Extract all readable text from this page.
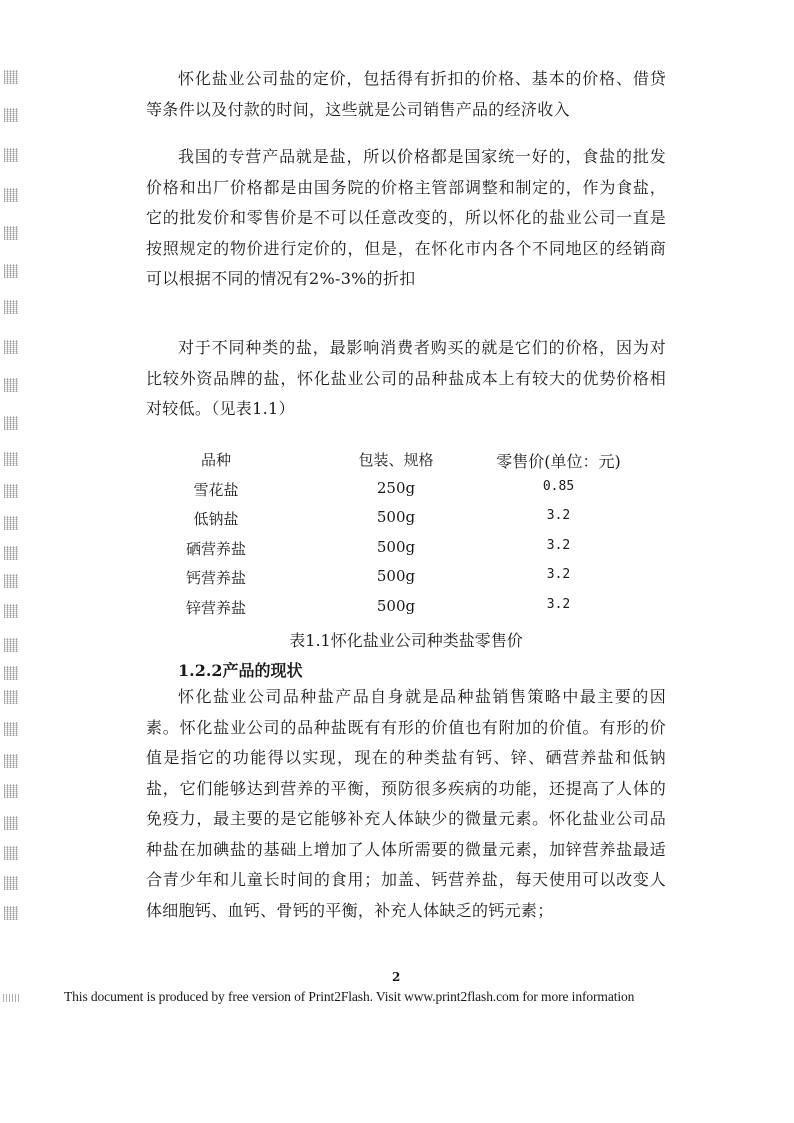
怀化盐业公司盐的定价，包括得有折扣的价格、基本的价格、借贷等条件以及付款的时间，这些就是公司销售产品的经济收入

我国的专营产品就是盐，所以价格都是国家统一好的，食盐的批发价格和出厂价格都是由国务院的价格主管部调整和制定的，作为食盐，它的批发价和零售价是不可以任意改变的，所以怀化的盐业公司一直是按照规定的物价进行定价的，但是，在怀化市内各个不同地区的经销商可以根据不同的情况有2%-3%的折扣

对于不同种类的盐，最影响消费者购买的就是它们的价格，因为对比较外资品牌的盐，怀化盐业公司的品种盐成本上有较大的优势价格相对较低。（见表1.1）

品种	包装、规格	零售价(单位：元)
雪花盐	250g	0.85
低钠盐	500g	3.2
硒营养盐	500g	3.2
钙营养盐	500g	3.2
锌营养盐	500g	3.2
表1.1怀化盐业公司种类盐零售价
1.2.2产品的现状

怀化盐业公司品种盐产品自身就是品种盐销售策略中最主要的因素。怀化盐业公司的品种盐既有有形的价值也有附加的价值。有形的价值是指它的功能得以实现，现在的种类盐有钙、锌、硒营养盐和低钠盐，它们能够达到营养的平衡，预防很多疾病的功能，还提高了人体的免疫力，最主要的是它能够补充人体缺少的微量元素。怀化盐业公司品种盐在加碘盐的基础上增加了人体所需要的微量元素，加锌营养盐最适合青少年和儿童长时间的食用；加盖、钙营养盐，每天使用可以改变人体细胞钙、血钙、骨钙的平衡，补充人体缺乏的钙元素；

2
This document is produced by free version of Print2Flash. Visit www.print2flash.com for more information
